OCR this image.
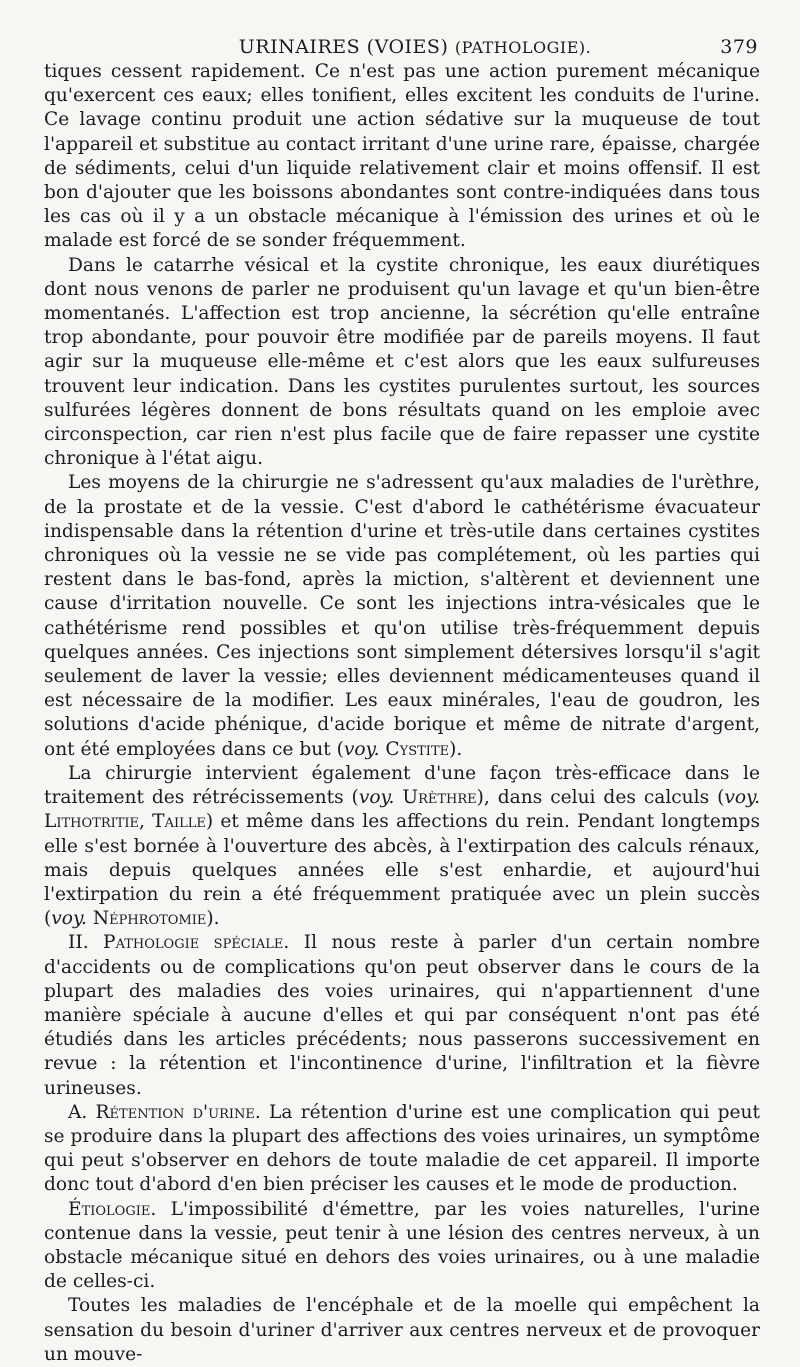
URINAIRES (VOIES) (PATHOLOGIE).	379

tiques cessent rapidement. Ce n'est pas une action purement mécanique qu'exercent ces eaux; elles tonifient, elles excitent les conduits de l'urine. Ce lavage continu produit une action sédative sur la muqueuse de tout l'appareil et substitue au contact irritant d'une urine rare, épaisse, chargée de sédiments, celui d'un liquide relativement clair et moins offensif. Il est bon d'ajouter que les boissons abondantes sont contre-indiquées dans tous les cas où il y a un obstacle mécanique à l'émission des urines et où le malade est forcé de se sonder fréquemment.

Dans le catarrhe vésical et la cystite chronique, les eaux diurétiques dont nous venons de parler ne produisent qu'un lavage et qu'un bien-être momentanés. L'affection est trop ancienne, la sécrétion qu'elle entraîne trop abondante, pour pouvoir être modifiée par de pareils moyens. Il faut agir sur la muqueuse elle-même et c'est alors que les eaux sulfureuses trouvent leur indication. Dans les cystites purulentes surtout, les sources sulfurées légères donnent de bons résultats quand on les emploie avec circonspection, car rien n'est plus facile que de faire repasser une cystite chronique à l'état aigu.

Les moyens de la chirurgie ne s'adressent qu'aux maladies de l'urèthre, de la prostate et de la vessie. C'est d'abord le cathétérisme évacuateur indispensable dans la rétention d'urine et très-utile dans certaines cystites chroniques où la vessie ne se vide pas complétement, où les parties qui restent dans le bas-fond, après la miction, s'altèrent et deviennent une cause d'irritation nouvelle. Ce sont les injections intra-vésicales que le cathétérisme rend possibles et qu'on utilise très-fréquemment depuis quelques années. Ces injections sont simplement détersives lorsqu'il s'agit seulement de laver la vessie; elles deviennent médicamenteuses quand il est nécessaire de la modifier. Les eaux minérales, l'eau de goudron, les solutions d'acide phénique, d'acide borique et même de nitrate d'argent, ont été employées dans ce but (voy. Cystite).

La chirurgie intervient également d'une façon très-efficace dans le traitement des rétrécissements (voy. Urèthre), dans celui des calculs (voy. Lithotritie, Taille) et même dans les affections du rein. Pendant longtemps elle s'est bornée à l'ouverture des abcès, à l'extirpation des calculs rénaux, mais depuis quelques années elle s'est enhardie, et aujourd'hui l'extirpation du rein a été fréquemment pratiquée avec un plein succès (voy. Néphrotomie).

II. Pathologie spéciale. Il nous reste à parler d'un certain nombre d'accidents ou de complications qu'on peut observer dans le cours de la plupart des maladies des voies urinaires, qui n'appartiennent d'une manière spéciale à aucune d'elles et qui par conséquent n'ont pas été étudiés dans les articles précédents; nous passerons successivement en revue : la rétention et l'incontinence d'urine, l'infiltration et la fièvre urineuses.

A. Rétention d'urine. La rétention d'urine est une complication qui peut se produire dans la plupart des affections des voies urinaires, un symptôme qui peut s'observer en dehors de toute maladie de cet appareil. Il importe donc tout d'abord d'en bien préciser les causes et le mode de production.

Étiologie. L'impossibilité d'émettre, par les voies naturelles, l'urine contenue dans la vessie, peut tenir à une lésion des centres nerveux, à un obstacle mécanique situé en dehors des voies urinaires, ou à une maladie de celles-ci.

Toutes les maladies de l'encéphale et de la moelle qui empêchent la sensation du besoin d'uriner d'arriver aux centres nerveux et de provoquer un mouve-
